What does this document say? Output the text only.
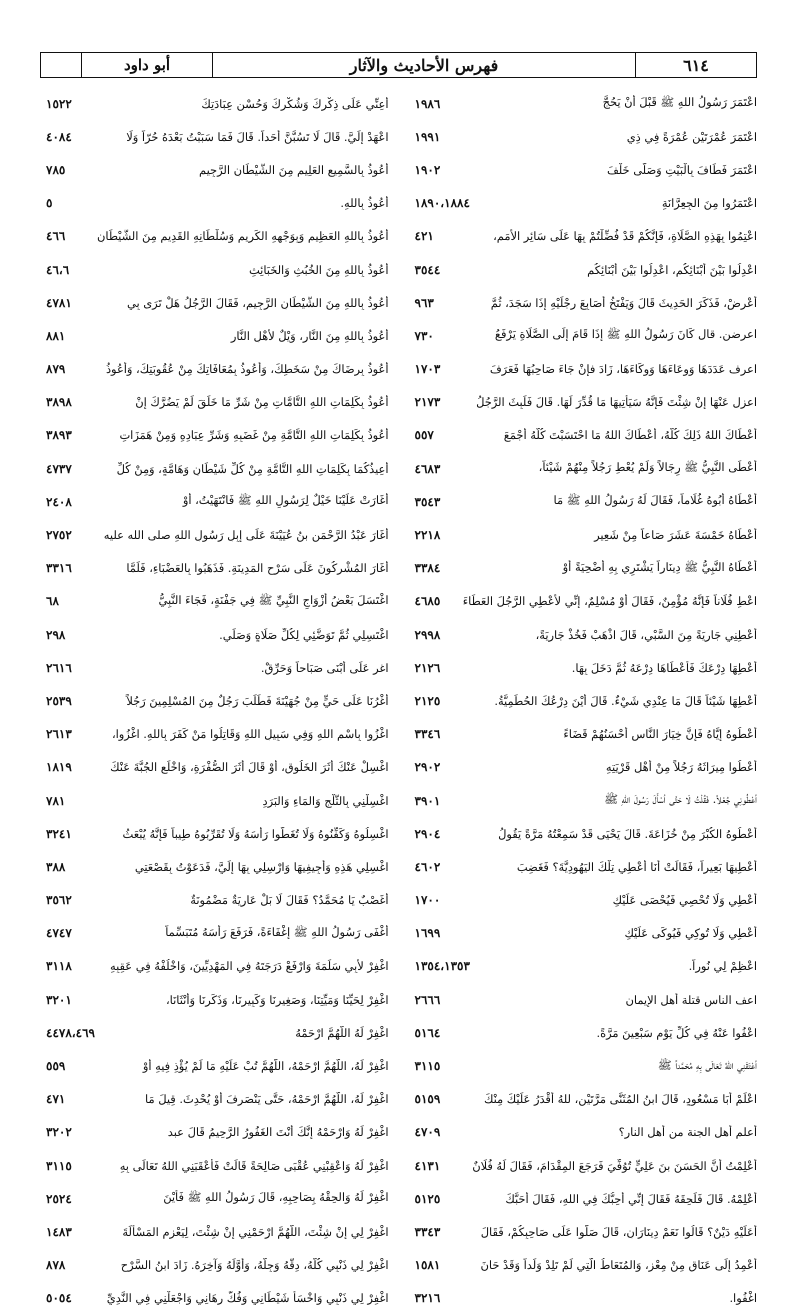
أبو داود	فهرس الأحاديث والآثار	٦١٤
اعْتَمَرَ رَسُولُ اللهِ ﷺ قَبْلَ أنْ يَحُجَّ
١٩٨٦
اعْتَمَرَ عُمْرَتَيْنِ عُمْرَةً فِي ذِي
١٩٩١
اعْتَمَرَ فَطَافَ بِالْبَيْتِ وَصَلَّى خَلْفَ
١٩٠٢
اعْتَمَرُوا مِنَ الجِعِرَّانَةِ
١٨٩٠،١٨٨٤
اعْتِمُوا بِهَذِهِ الصَّلَاةِ، فَإِنَّكُمْ قَدْ فُضِّلْتُمْ بِهَا عَلَى سَائِرِ الأُمَمِ،
٤٢١
اعْدِلُوا بَيْنَ أَبْنَائِكُم، اعْدِلُوا بَيْنَ أَبْنَائِكُم
٣٥٤٤
أعْرِضْ، فَذَكَرَ الحَدِيثَ قَالَ وَيَفْتَخُ أصَابِعَ رِجْلَيْهِ إذَا سَجَدَ، ثُمَّ
٩٦٣
اعرضن. قال كَانَ رَسُولُ اللهِ ﷺ إذَا قَامَ إلَى الصَّلَاةِ يَرْفَعُ
٧٣٠
اعرف عَدَدَهَا وَوِعَاءَهَا وَوِكَاءَهَا، زَادَ فإنْ جَاءَ صَاحِبُهَا فَعَرَفَ
١٧٠٣
اعزل عَنْهَا إنْ شِئْتَ فَإنَّهُ سَيَأْتِيهَا مَا قُدِّرَ لَهَا. قَالَ فَلَبِثَ الرَّجُلُ
٢١٧٣
أعْطَاكَ اللهُ ذَلِكَ كُلَّهُ، أعْطَاكَ اللهُ مَا احْتَسَبْتَ كُلَّهُ أجْمَعَ
٥٥٧
أعْطَى النَّبِيُّ ﷺ رِجَالاً وَلَمْ يُعْطِ رَجُلاً مِنْهُمْ شَيْئاً،
٤٦٨٣
أعْطَاهُ أَبُوهُ غُلَاماً، فَقَالَ لَهُ رَسُولُ اللهِ ﷺ مَا
٣٥٤٣
أعْطَاهُ خَمْسَةَ عَشَرَ صَاعاً مِنْ شَعِيرٍ
٢٢١٨
أعْطَاهُ النَّبِيُّ ﷺ دِينَاراً يَشْتَرِي بِهِ أُضْحِيَةً أوْ
٣٣٨٤
اعْطِ فُلَاناً فَإنَّهُ مُؤْمِنٌ، فَقَالَ أوْ مُسْلِمٌ، إنِّي لأُعْطِي الرَّجُلَ العَطَاءَ
٤٦٨٥
أعْطِنِي جَارِيَةً مِنَ السَّبْيِ، قَالَ اذْهَبْ فَخُذْ جَارِيَةً،
٢٩٩٨
أعْطِهَا دِرْعَكَ فَأَعْطَاهَا دِرْعَهُ ثُمَّ دَخَلَ بِهَا.
٢١٢٦
أعْطِهَا شَيْئاً قَالَ مَا عِنْدِي شَيْءٌ. قَالَ أيْنَ دِرْعُكَ الحُطَمِيَّةُ.
٢١٢٥
أعْطُوهُ إيَّاهُ فَإنَّ خِيَارَ النَّاسِ أحْسَنُهُمْ قَضَاءً
٣٣٤٦
أعْطُوا مِيرَاثَهُ رَجُلاً مِنْ أهْلِ قَرْيَتِهِ
٢٩٠٢
أعْطُونِي جُعْلاً. فَقُلْتُ لَا حَتَّى أسْأَلَ رَسُولَ اللهِ ﷺ
٣٩٠١
أعْطُوهُ الكُبْرَ مِنْ خُزَاعَةَ. قَالَ يَحْيَى قَدْ سَمِعْتُهُ مَرَّةً يَقُولُ
٢٩٠٤
أعْطِيهَا بَعِيراً، فَقَالَتْ أنَا أُعْطِي تِلْكَ اليَهُودِيَّةَ؟ فَغَضِبَ
٤٦٠٢
أعْطِي وَلَا تُحْصِي فَيُحْصَى عَلَيْكِ
١٧٠٠
أعْطِي وَلَا تُوكِي فَيُوكَى عَلَيْكِ
١٦٩٩
اعْظِمْ لِي نُوراً.
١٣٥٤،١٣٥٣
اعف الناس قتلة أهل الإيمان
٢٦٦٦
اعْفُوا عَنْهُ فِي كُلِّ يَوْمٍ سَبْعِينَ مَرَّةً.
٥١٦٤
أعْتَقَنِي اللهُ تَعَالَى بِهِ مُحَمَّداً ﷺ
٣١١٥
اعْلَمْ أبَا مَسْعُودٍ، قَالَ ابنُ المُثَنَّى مَرَّتَيْنِ، للهُ أقْدَرُ عَلَيْكَ مِنْكَ
٥١٥٩
أعلم أهل الجنة من أهل النار؟
٤٧٠٩
أعْلِمْتُ أنَّ الحَسَنَ بنَ عَلِيٍّ تُوُفِّيَ فَرَجَعَ المِقْدَامَ، فَقَالَ لَهُ فُلَانٌ
٤١٣١
أعْلِمْهُ. قَالَ فَلَحِقَهُ فَقَالَ إنِّي أُحِبُّكَ فِي اللهِ، فَقَالَ أحَبَّكَ
٥١٢٥
أعَلَيْهِ دَيْنٌ؟ قَالُوا نَعَمْ دِينَارَانِ، قَالَ صَلُّوا عَلَى صَاحِبِكُمْ، فَقَالَ
٣٣٤٣
أعْمِدُ إلَى عَنَاقٍ مِنْ مِعْزٍ، وَالمُتَعَاطُ الَّتِي لَمْ تَلِدْ وَلَداً وَقَدْ حَانَ
١٥٨١
اغْفُوا.
٣٢١٦
أعِنِّي عَلَى ذِكْرِكَ وَشُكْرِكَ وَحُسْنِ عِبَادَتِكَ
١٥٢٢
اعْهَدْ إلَيَّ. قَالَ لَا تَسُبَّنَّ أحَداً. قَالَ فَمَا سَبَبْتُ بَعْدَهُ حُرّاً وَلَا
٤٠٨٤
أعُوذُ بِالسَّمِيعِ العَلِيمِ مِنَ الشَّيْطَانِ الرَّجِيمِ
٧٨٥
أعُوذُ بِاللهِ.
٥
أعُوذُ بِاللهِ العَظِيمِ وَبِوَجْهِهِ الكَرِيمِ وَسُلْطَانِهِ القَدِيمِ مِنَ الشَّيْطَانِ
٤٦٦
أعُوذُ بِاللهِ مِنَ الخُبُثِ وَالخَبَائِثِ
٤٦،٦
أعُوذُ بِاللهِ مِنَ الشَّيْطَانِ الرَّجِيمِ، فَقَالَ الرَّجُلُ هَلْ تَرَى بِي
٤٧٨١
أعُوذُ بِاللهِ مِنَ النَّارِ، وَيْلٌ لأهْلِ النَّارِ
٨٨١
أعُوذُ بِرِضَاكَ مِنْ سَخَطِكَ، وَأعُوذُ بِمُعَافَاتِكَ مِنْ عُقُوبَتِكَ، وَأعُوذُ
٨٧٩
أعُوذُ بِكَلِمَاتِ اللهِ التَّامَّاتِ مِنْ شَرِّ مَا خَلَقَ لَمْ يَضُرَّكَ إنْ
٣٨٩٨
أعُوذُ بِكَلِمَاتِ اللهِ التَّامَّةِ مِنْ غَضَبِهِ وَشَرِّ عِبَادِهِ وَمِنْ هَمَزَاتِ
٣٨٩٣
أُعِيذُكُمَا بِكَلِمَاتِ اللهِ التَّامَّةِ مِنْ كُلِّ شَيْطَانٍ وَهَامَّةٍ، وَمِنْ كُلِّ
٤٧٣٧
أغَارَتْ عَلَيْنَا خَيْلٌ لِرَسُولِ اللهِ ﷺ فَانْتَهَيْتُ، أوْ
٢٤٠٨
أغَارَ عَبْدُ الرَّحْمَنِ بنُ عُيَيْنَةَ عَلَى إبِلِ رَسُولِ اللهِ صلى الله عليه
٢٧٥٢
أغَارَ المُشْرِكُونَ عَلَى سَرْحِ المَدِينَةِ. فَذَهَبُوا بِالعَضْبَاءِ، فَلَمَّا
٣٣١٦
اغْتَسَلَ بَعْضُ أزْوَاجِ النَّبِيِّ ﷺ فِي جَفْنَةٍ، فَجَاءَ النَّبِيُّ
٦٨
اغْتَسِلِي ثُمَّ تَوَضَّئِي لِكُلِّ صَلَاةٍ وَصَلِّي.
٢٩٨
اغر عَلَى أُبْنَى صَبَاحاً وَحَرِّقْ.
٢٦١٦
أغْرُنَا عَلَى حَيٍّ مِنْ جُهَيْنَةَ فَطَلَبَ رَجُلٌ مِنَ المُسْلِمِينَ رَجُلاً
٢٥٣٩
اغْزُوا بِاسْمِ اللهِ وَفِي سَبِيلِ اللهِ وَقَاتِلُوا مَنْ كَفَرَ بِاللهِ. اغْزُوا،
٢٦١٣
اغْسِلْ عَنْكَ أثَرَ الخَلُوقِ، أوْ قَالَ أثَرَ الصُّفْرَةِ، وَاخْلَعِ الجُبَّةَ عَنْكَ
١٨١٩
اغْسِلْنِي بِالثَّلْجِ وَالمَاءِ وَالبَرَدِ
٧٨١
اغْسِلُوهُ وَكَفِّنُوهُ وَلَا تُغَطُّوا رَأْسَهُ وَلَا تُقَرِّبُوهُ طِيباً فَإنَّهُ يُبْعَثُ
٣٢٤١
اغْسِلِي هَذِهِ وَأجِيفِيهَا وَارْسِلِي بِهَا إلَيَّ، فَدَعَوْتُ بِقَصْعَتِي
٣٨٨
أغَصْبٌ يَا مُحَمَّدُ؟ فَقَالَ لَا بَلْ عَارِيَةٌ مَضْمُونَةٌ
٣٥٦٢
أغْفَى رَسُولُ اللهِ ﷺ إغْفَاءَةً، فَرَفَعَ رَأْسَهُ مُتَبَسِّماً
٤٧٤٧
اغْفِرْ لأبِي سَلَمَةَ وَارْفَعْ دَرَجَتَهُ فِي المَهْدِيِّينَ، وَاخْلُفْهُ فِي عَقِبِهِ
٣١١٨
اغْفِرْ لِحَيِّنَا وَمَيِّتِنَا، وَصَغِيرِنَا وَكَبِيرِنَا، وَذَكَرِنَا وَأُنْثَانَا،
٣٢٠١
اغْفِرْ لَهُ اللَّهُمَّ ارْحَمْهُ
٤٤٧٨،٤٦٩
اغْفِرْ لَهُ، اللَّهُمَّ ارْحَمْهُ، اللَّهُمَّ تُبْ عَلَيْهِ مَا لَمْ يُؤْذِ فِيهِ أوْ
٥٥٩
اغْفِرْ لَهُ، اللَّهُمَّ ارْحَمْهُ، حَتَّى يَنْصَرِفَ أوْ يُحْدِثَ. قِيلَ مَا
٤٧١
اغْفِرْ لَهُ وَارْحَمْهُ إنَّكَ أنْتَ الغَفُورُ الرَّحِيمُ قَالَ عبد
٣٢٠٢
اغْفِرْ لَهُ وَاعْقِبْنِي عُقْبَى صَالِحَةً قَالَتْ فَأعْقَبَنِي اللهُ تَعَالَى بِهِ
٣١١٥
اغْفِرْ لَهُ وَالحِقْهُ بِصَاحِبِهِ، قَالَ رَسُولُ اللهِ ﷺ فَأيْنَ
٢٥٢٤
اغْفِرْ لِي إنْ شِئْتَ، اللَّهُمَّ ارْحَمْنِي إنْ شِئْتَ، لِيَعْزِمِ المَسْأَلَةَ
١٤٨٣
اغْفِرْ لِي ذَنْبِي كُلَّهُ، دِقَّهُ وَجِلَّهُ، وَأوَّلَهُ وَآخِرَهُ. زَادَ ابنُ السَّرْحِ
٨٧٨
اغْفِرْ لِي ذَنْبِي وَاخْسَأْ شَيْطَانِي وَفُكَّ رِهَانِي وَاجْعَلْنِي فِي النَّدِيِّ
٥٠٥٤
